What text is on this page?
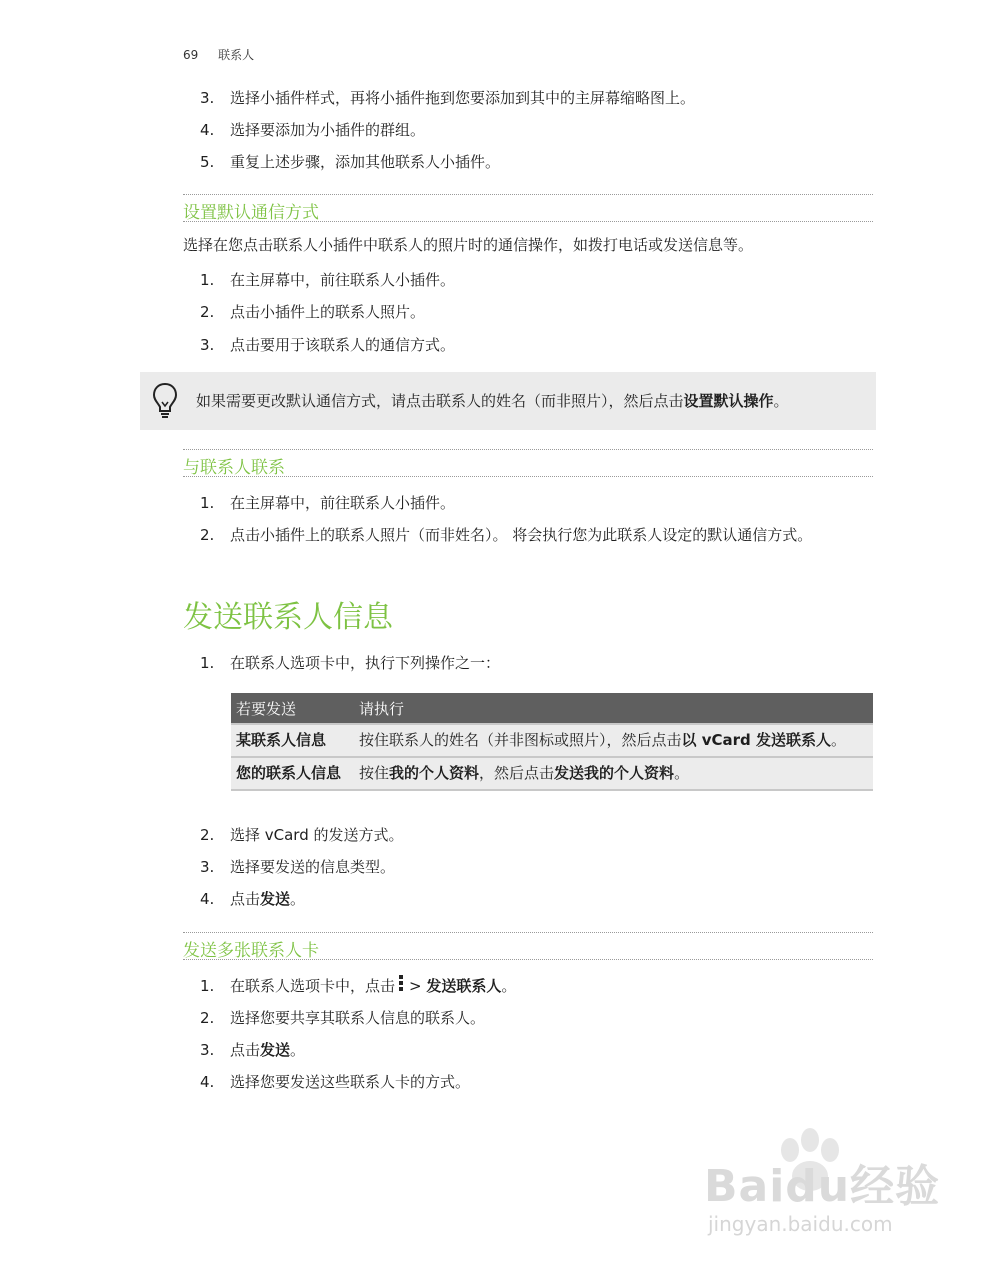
69 联系人
3. 选择小插件样式，再将小插件拖到您要添加到其中的主屏幕缩略图上。
4. 选择要添加为小插件的群组。
5. 重复上述步骤，添加其他联系人小插件。
设置默认通信方式
选择在您点击联系人小插件中联系人的照片时的通信操作，如拨打电话或发送信息等。
1. 在主屏幕中，前往联系人小插件。
2. 点击小插件上的联系人照片。
3. 点击要用于该联系人的通信方式。
如果需要更改默认通信方式，请点击联系人的姓名（而非照片），然后点击设置默认操作。
与联系人联系
1. 在主屏幕中，前往联系人小插件。
2. 点击小插件上的联系人照片（而非姓名）。 将会执行您为此联系人设定的默认通信方式。
发送联系人信息
1. 在联系人选项卡中，执行下列操作之一：
若要发送	请执行
某联系人信息	按住联系人的姓名（并非图标或照片），然后点击以 vCard 发送联系人。
您的联系人信息	按住我的个人资料，然后点击发送我的个人资料。
2. 选择 vCard 的发送方式。
3. 选择要发送的信息类型。
4. 点击发送。
发送多张联系人卡
1. 在联系人选项卡中，点击 > 发送联系人。
2. 选择您要共享其联系人信息的联系人。
3. 点击发送。
4. 选择您要发送这些联系人卡的方式。
Baidu经验
jingyan.baidu.com
